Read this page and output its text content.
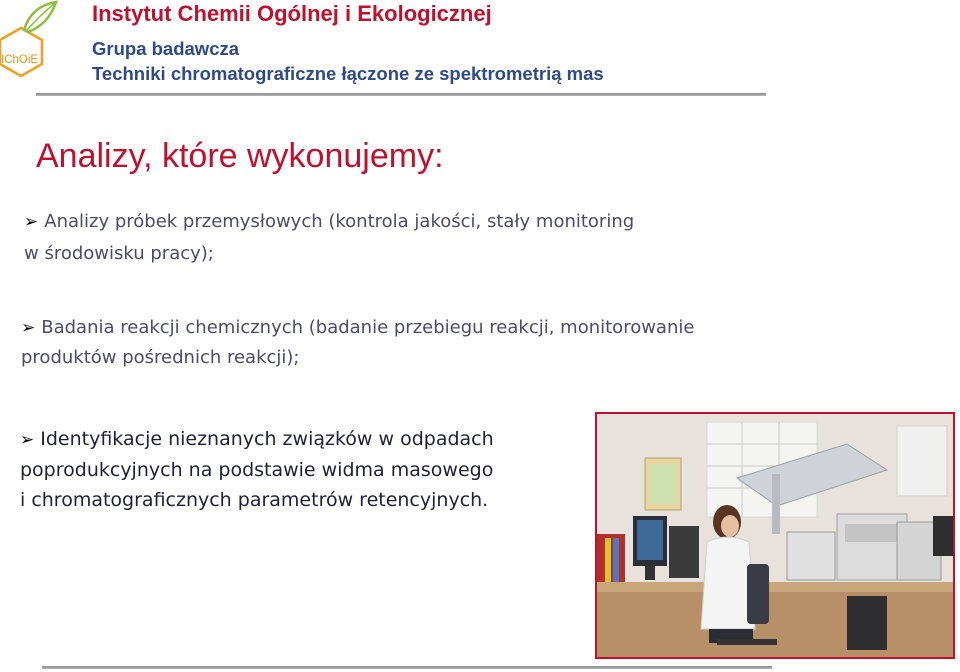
IChOiE
Instytut Chemii Ogólnej i Ekologicznej
Grupa badawcza
Techniki chromatograficzne łączone ze spektrometrią mas
Analizy, które wykonujemy:
➢ Analizy próbek przemysłowych (kontrola jakości, stały monitoring
w środowisku pracy);
➢ Badania reakcji chemicznych (badanie przebiegu reakcji, monitorowanie
produktów pośrednich reakcji);
➢ Identyfikacje nieznanych związków w odpadach
poprodukcyjnych na podstawie widma masowego
i chromatograficznych parametrów retencyjnych.
